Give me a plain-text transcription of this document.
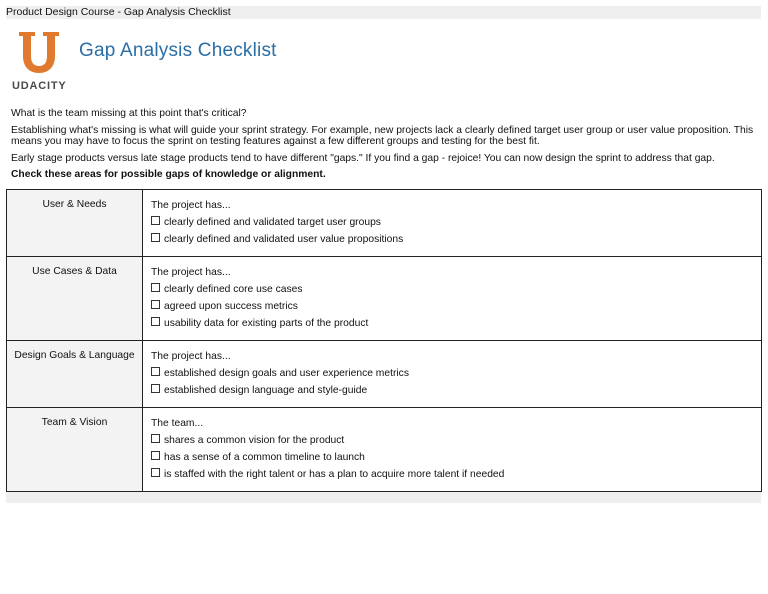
Product Design Course - Gap Analysis Checklist
UDACITY
Gap Analysis Checklist

What is the team missing at this point that's critical?

Establishing what's missing is what will guide your sprint strategy. For example, new projects lack a clearly defined target user group or user value proposition. This means you may have to focus the sprint on testing features against a few different groups and testing for the best fit.

Early stage products versus late stage products tend to have different "gaps." If you find a gap - rejoice! You can now design the sprint to address that gap.

Check these areas for possible gaps of knowledge or alignment.

User & Needs	The project has...
clearly defined and validated target user groups
clearly defined and validated user value propositions

Use Cases & Data	The project has...
clearly defined core use cases
agreed upon success metrics
usability data for existing parts of the product

Design Goals & Language	The project has...
established design goals and user experience metrics
established design language and style-guide

Team & Vision	The team...
shares a common vision for the product
has a sense of a common timeline to launch
is staffed with the right talent or has a plan to acquire more talent if needed
